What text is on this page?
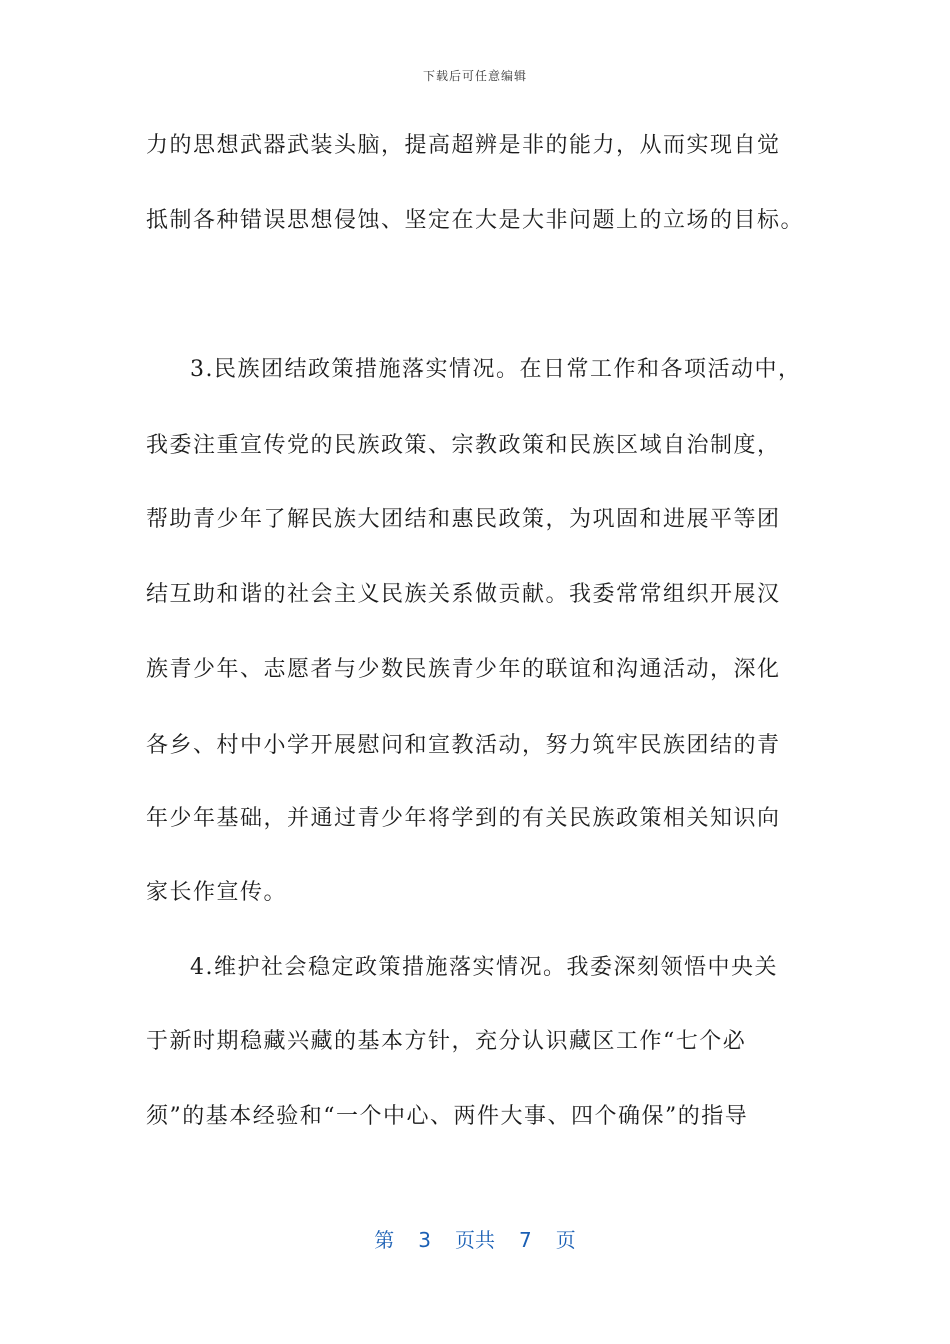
下载后可任意编辑
力的思想武器武装头脑，提高超辨是非的能力，从而实现自觉
抵制各种错误思想侵蚀、坚定在大是大非问题上的立场的目标。
3.民族团结政策措施落实情况。在日常工作和各项活动中，
我委注重宣传党的民族政策、宗教政策和民族区域自治制度，
帮助青少年了解民族大团结和惠民政策，为巩固和进展平等团
结互助和谐的社会主义民族关系做贡献。我委常常组织开展汉
族青少年、志愿者与少数民族青少年的联谊和沟通活动，深化
各乡、村中小学开展慰问和宣教活动，努力筑牢民族团结的青
年少年基础，并通过青少年将学到的有关民族政策相关知识向
家长作宣传。
4.维护社会稳定政策措施落实情况。我委深刻领悟中央关
于新时期稳藏兴藏的基本方针，充分认识藏区工作“七个必
须”的基本经验和“一个中心、两件大事、四个确保”的指导
第 3 页共 7 页
